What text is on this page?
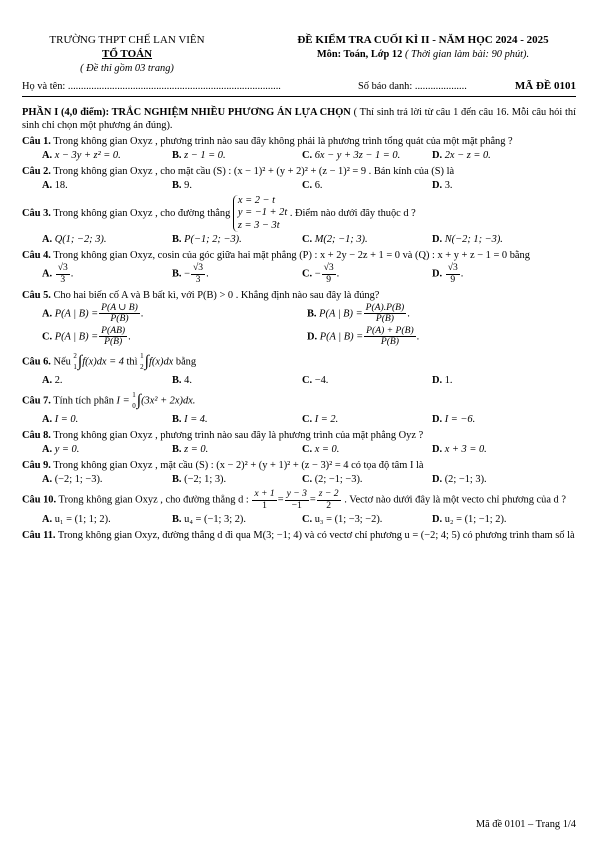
TRƯỜNG THPT CHẾ LAN VIÊN
TỔ TOÁN
( Đề thi gồm 03 trang)
ĐỀ KIỂM TRA CUỐI KÌ II - NĂM HỌC 2024 - 2025
Môn: Toán, Lớp 12 ( Thời gian làm bài: 90 phút).
Họ và tên: ..................................................................................	Số báo danh: ....................	MÃ ĐỀ 0101
PHẦN I (4,0 điểm): TRẮC NGHIỆM NHIỀU PHƯƠNG ÁN LỰA CHỌN ( Thí sinh trả lời từ câu 1 đến câu 16. Mỗi câu hỏi thí sinh chỉ chọn một phương án đúng).
Câu 1. Trong không gian Oxyz , phương trình nào sau đây không phải là phương trình tổng quát của một mặt phẳng ?
A. x − 3y + z² = 0.	B. z − 1 = 0.	C. 6x − y + 3z − 1 = 0.	D. 2x − z = 0.
Câu 2. Trong không gian Oxyz , cho mặt cầu (S) : (x − 1)² + (y + 2)² + (z − 1)² = 9 . Bán kính của (S) là
A. 18.	B. 9.	C. 6.	D. 3.
Câu 3. Trong không gian Oxyz , cho đường thẳng x = 2 − t
y = −1 + 2t
z = 3 − 3t . Điểm nào dưới đây thuộc d ?
A. Q(1; −2; 3).	B. P(−1; 2; −3).	C. M(2; −1; 3).	D. N(−2; 1; −3).
Câu 4. Trong không gian Oxyz, cosin của góc giữa hai mặt phẳng (P) : x + 2y − 2z + 1 = 0 và (Q) : x + y + z − 1 = 0 bằng
A. $\frac{√3}{3}$ .	B. − $\frac{√3}{3}$ .	C. − $\frac{√3}{9}$ .	D. $\frac{√3}{9}$ .
Câu 5. Cho hai biến cố A và B bất kì, với P(B) > 0 . Khẳng định nào sau đây là đúng?
A. P(A | $B) = \frac{P(A \cup B)}{P(B)}$ .	B. P(A | $B) = \frac{P(A).P(B)}{P(B)}$ .
C. P(A | $B) = \frac{P(AB)}{P(B)}$ .	D. P(A | $B) = \frac{P(A) + P(B)}{P(B)}$ .
Câu 6. Nếu
2
1 ∫f(x)dx = 4 thì
1
2 ∫f(x)dx bằng
A. 2.	B. 4.	C. −4.	D. 1.
Câu 7. Tính tích phân I =
1
0 ∫(3x² + 2x)dx.
A. I = 0.	B. I = 4.	C. I = 2.	D. I = −6.
Câu 8. Trong không gian Oxyz , phương trình nào sau đây là phương trình của mặt phẳng Oyz ?
A. y = 0.	B. z = 0.	C. x = 0.	D. x + 3 = 0.
Câu 9. Trong không gian Oxyz , mặt cầu (S) : (x − 2)² + (y + 1)² + (z − 3)² = 4 có tọa độ tâm I là
A. (−2; 1; −3).	B. (−2; 1; 3).	C. (2; −1; −3).	D. (2; −1; 3).
Câu 10. Trong không gian Oxyz , cho đường thẳng d : $\frac{x + 1}{1} = \frac{y - 3}{-1} = \frac{z - 2}{2}$ . Vectơ nào dưới đây là một vecto chỉ phương của d ?
A. u₁ = (1; 1; 2).	B. u₄ = (−1; 3; 2).	C. u₃ = (1; −3; −2).	D. u₂ = (1; −1; 2).
Câu 11. Trong không gian Oxyz, đường thẳng d đi qua M(3; −1; 4) và có vectơ chỉ phương u = (−2; 4; 5) có phương trình tham số là
Mã đề 0101 – Trang 1/4
